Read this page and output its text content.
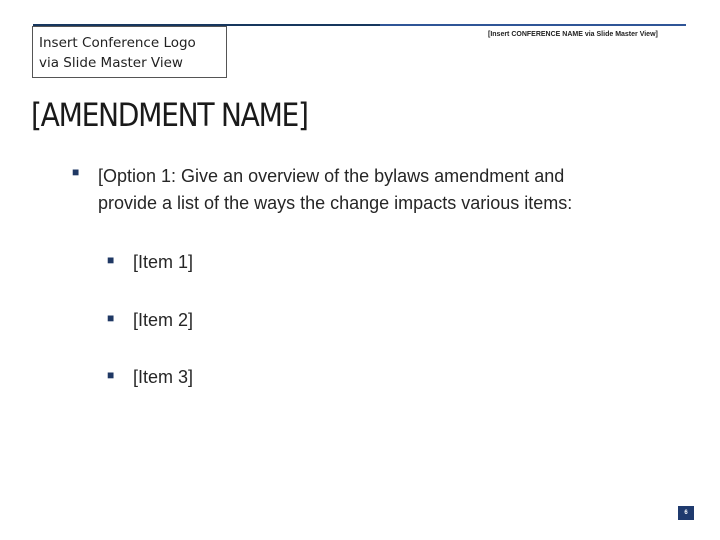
Insert Conference Logo
via Slide Master View
[Insert CONFERENCE NAME via Slide Master View]
[AMENDMENT NAME]
■ [Option 1: Give an overview of the bylaws amendment and
provide a list of the ways the change impacts various items:
■ [Item 1]
■ [Item 2]
■ [Item 3]
6
